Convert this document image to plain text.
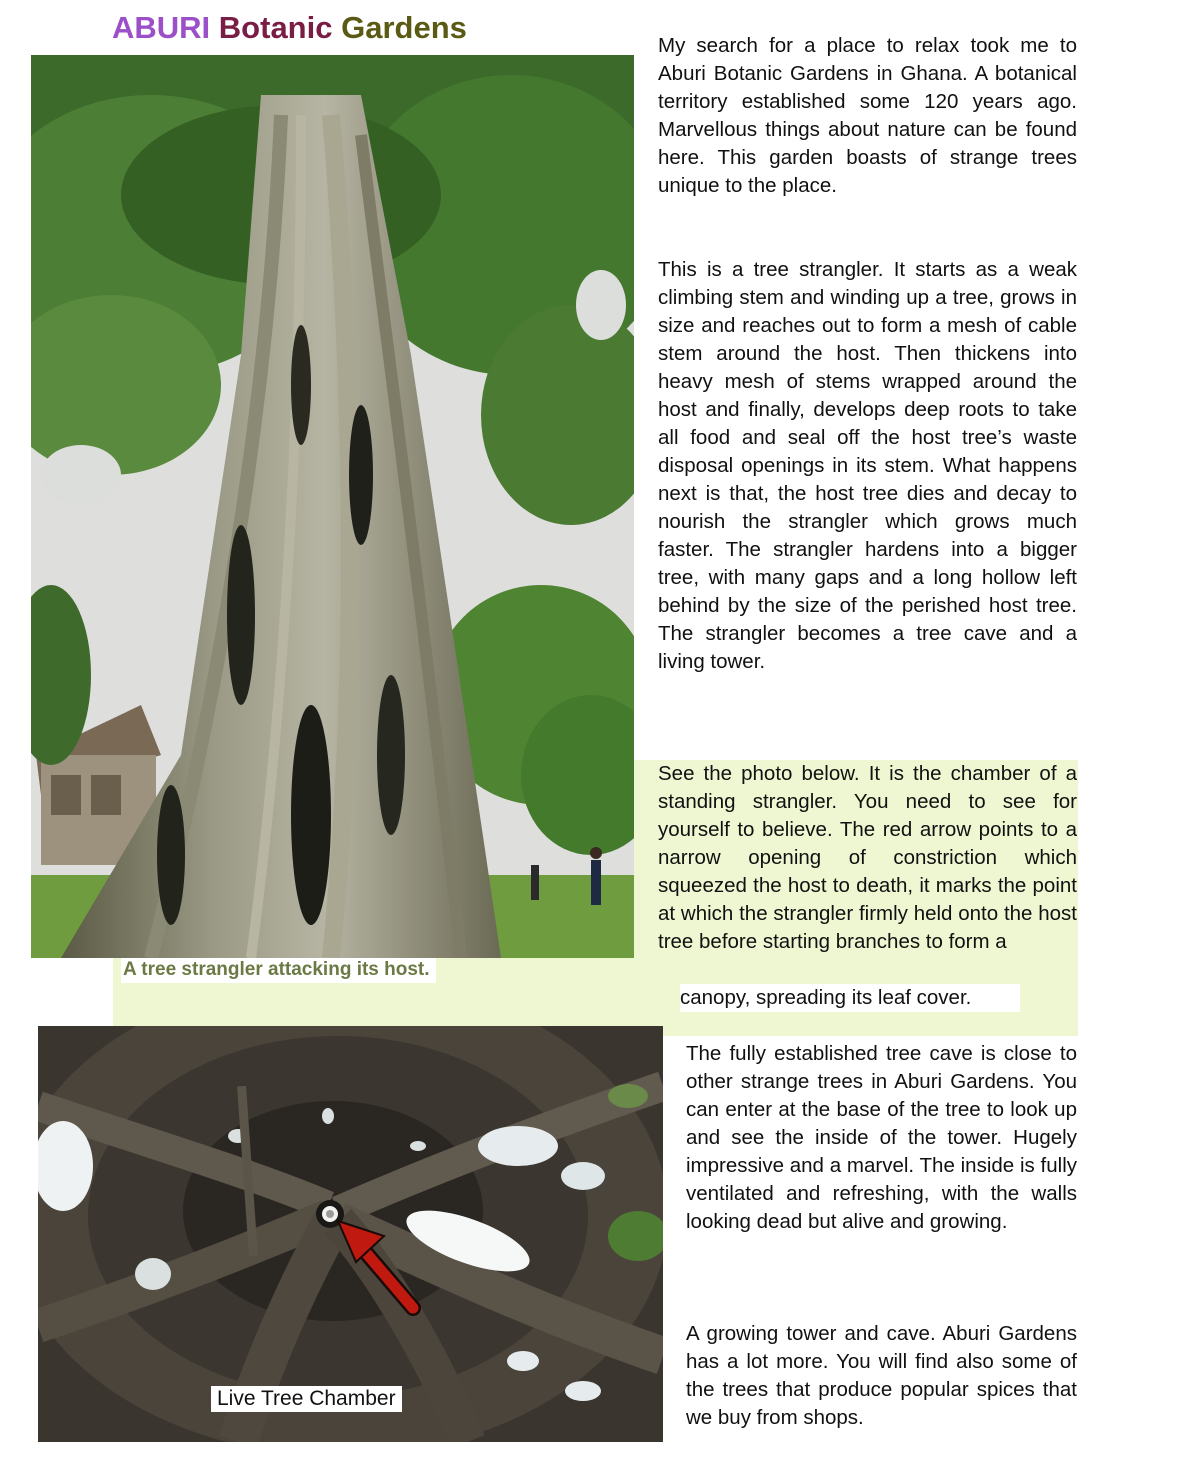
ABURI Botanic Gardens
A tree strangler attacking its host.
My search for a place to relax took me to Aburi Botanic Gardens in Ghana. A botanical territory established some 120 years ago. Marvellous things about nature can be found here. This garden boasts of strange trees unique to the place.
This is a tree strangler. It starts as a weak climbing stem and winding up a tree, grows in size and reaches out to form a mesh of cable stem around the host. Then thickens into heavy mesh of stems wrapped around the host and finally, develops deep roots to take all food and seal off the host tree’s waste disposal openings in its stem. What happens next is that, the host tree dies and decay to nourish the strangler which grows much faster. The strangler hardens into a bigger tree, with many gaps and a long hollow left behind by the size of the perished host tree. The strangler becomes a tree cave and a living tower.
See the photo below. It is the chamber of a standing strangler. You need to see for yourself to believe. The red arrow points to a narrow opening of constriction which squeezed the host to death, it marks the point at which the strangler firmly held onto the host tree before starting branches to form a
canopy, spreading its leaf cover.
Live Tree Chamber
The fully established tree cave is close to other strange trees in Aburi Gardens. You can enter at the base of the tree to look up and see the inside of the tower. Hugely impressive and a marvel. The inside is fully ventilated and refreshing, with the walls looking dead but alive and growing.
A growing tower and cave. Aburi Gardens has a lot more. You will find also some of the trees that produce popular spices that we buy from shops.
